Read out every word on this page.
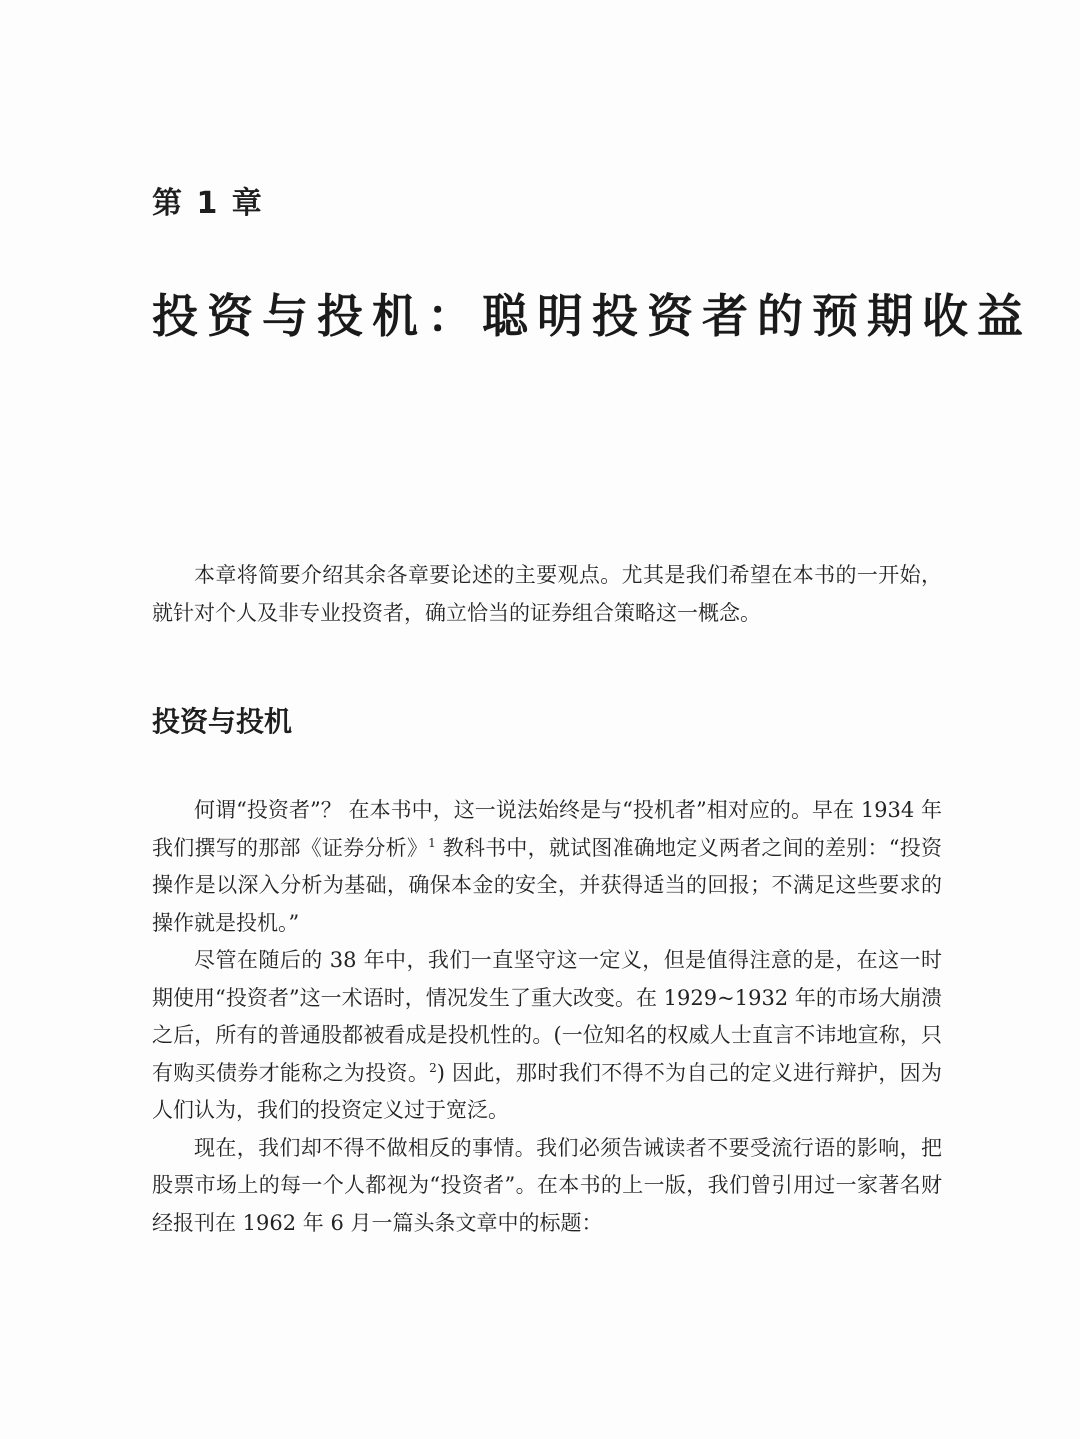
第 1 章
投资与投机：聪明投资者的预期收益

本章将简要介绍其余各章要论述的主要观点。尤其是我们希望在本书的一开始，就针对个人及非专业投资者，确立恰当的证券组合策略这一概念。

投资与投机

何谓“投资者”？ 在本书中，这一说法始终是与“投机者”相对应的。早在 1934 年我们撰写的那部《证券分析》$^1$ 教科书中，就试图准确地定义两者之间的差别：“投资操作是以深入分析为基础，确保本金的安全，并获得适当的回报；不满足这些要求的操作就是投机。”

尽管在随后的 38 年中，我们一直坚守这一定义，但是值得注意的是，在这一时期使用“投资者”这一术语时，情况发生了重大改变。在 1929~1932 年的市场大崩溃之后，所有的普通股都被看成是投机性的。(一位知名的权威人士直言不讳地宣称，只有购买债券才能称之为投资。$^2$) 因此，那时我们不得不为自己的定义进行辩护，因为人们认为，我们的投资定义过于宽泛。

现在，我们却不得不做相反的事情。我们必须告诫读者不要受流行语的影响，把股票市场上的每一个人都视为“投资者”。在本书的上一版，我们曾引用过一家著名财经报刊在 1962 年 6 月一篇头条文章中的标题：
